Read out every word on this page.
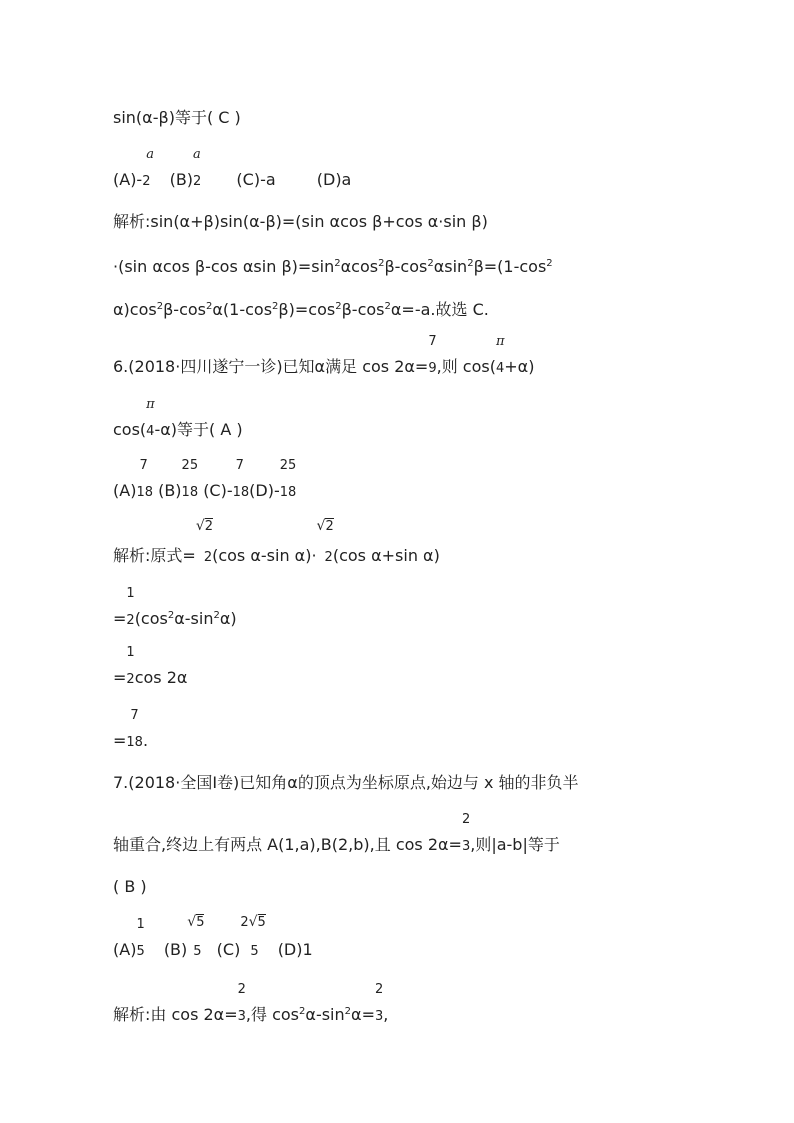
sin(α-β)等于( C )
(A)-
a
2 (B)
a
2 (C)-a	(D)a
解析:sin(α+β)sin(α-β)=(sin αcos β+cos α·sin β)
·(sin αcos β-cos αsin $\beta)=\sin^2\alpha\cos^2\beta-\cos^2\alpha\sin^2\beta=(1-\cos^2$
$\alpha)\cos^2\beta-\cos^2\alpha(1-\cos^2\beta)=\cos^2\beta-\cos^2\alpha=-a$.故选 C.
6.(2018·四川遂宁一诊)已知α满足 cos 2α=
7
9,则 cos(
π
4+α)
cos(
π
4-α)等于( A )
(A)
7
18 (B)
25
18 (C)-
7
18(D)-
25
18
解析:原式=
√2
2(cos α-sin α)·
√2
2(cos α+sin α)
=
1
$2(\cos^2\alpha-\sin^2\alpha)$
=
1
2cos 2α
=
7
18.
7.(2018·全国Ⅰ卷)已知角α的顶点为坐标原点,始边与 x 轴的非负半
轴重合,终边上有两点 A(1,a),B(2,b),且 cos 2α=
2
3,则|a-b|等于
( B )
(A)
1
5 (B)
√5
5 (C)
2√5
5 (D)1
解析:由 cos 2α=
2
3,得 $\cos^2\alpha-\sin^2\alpha=$
2
3,
